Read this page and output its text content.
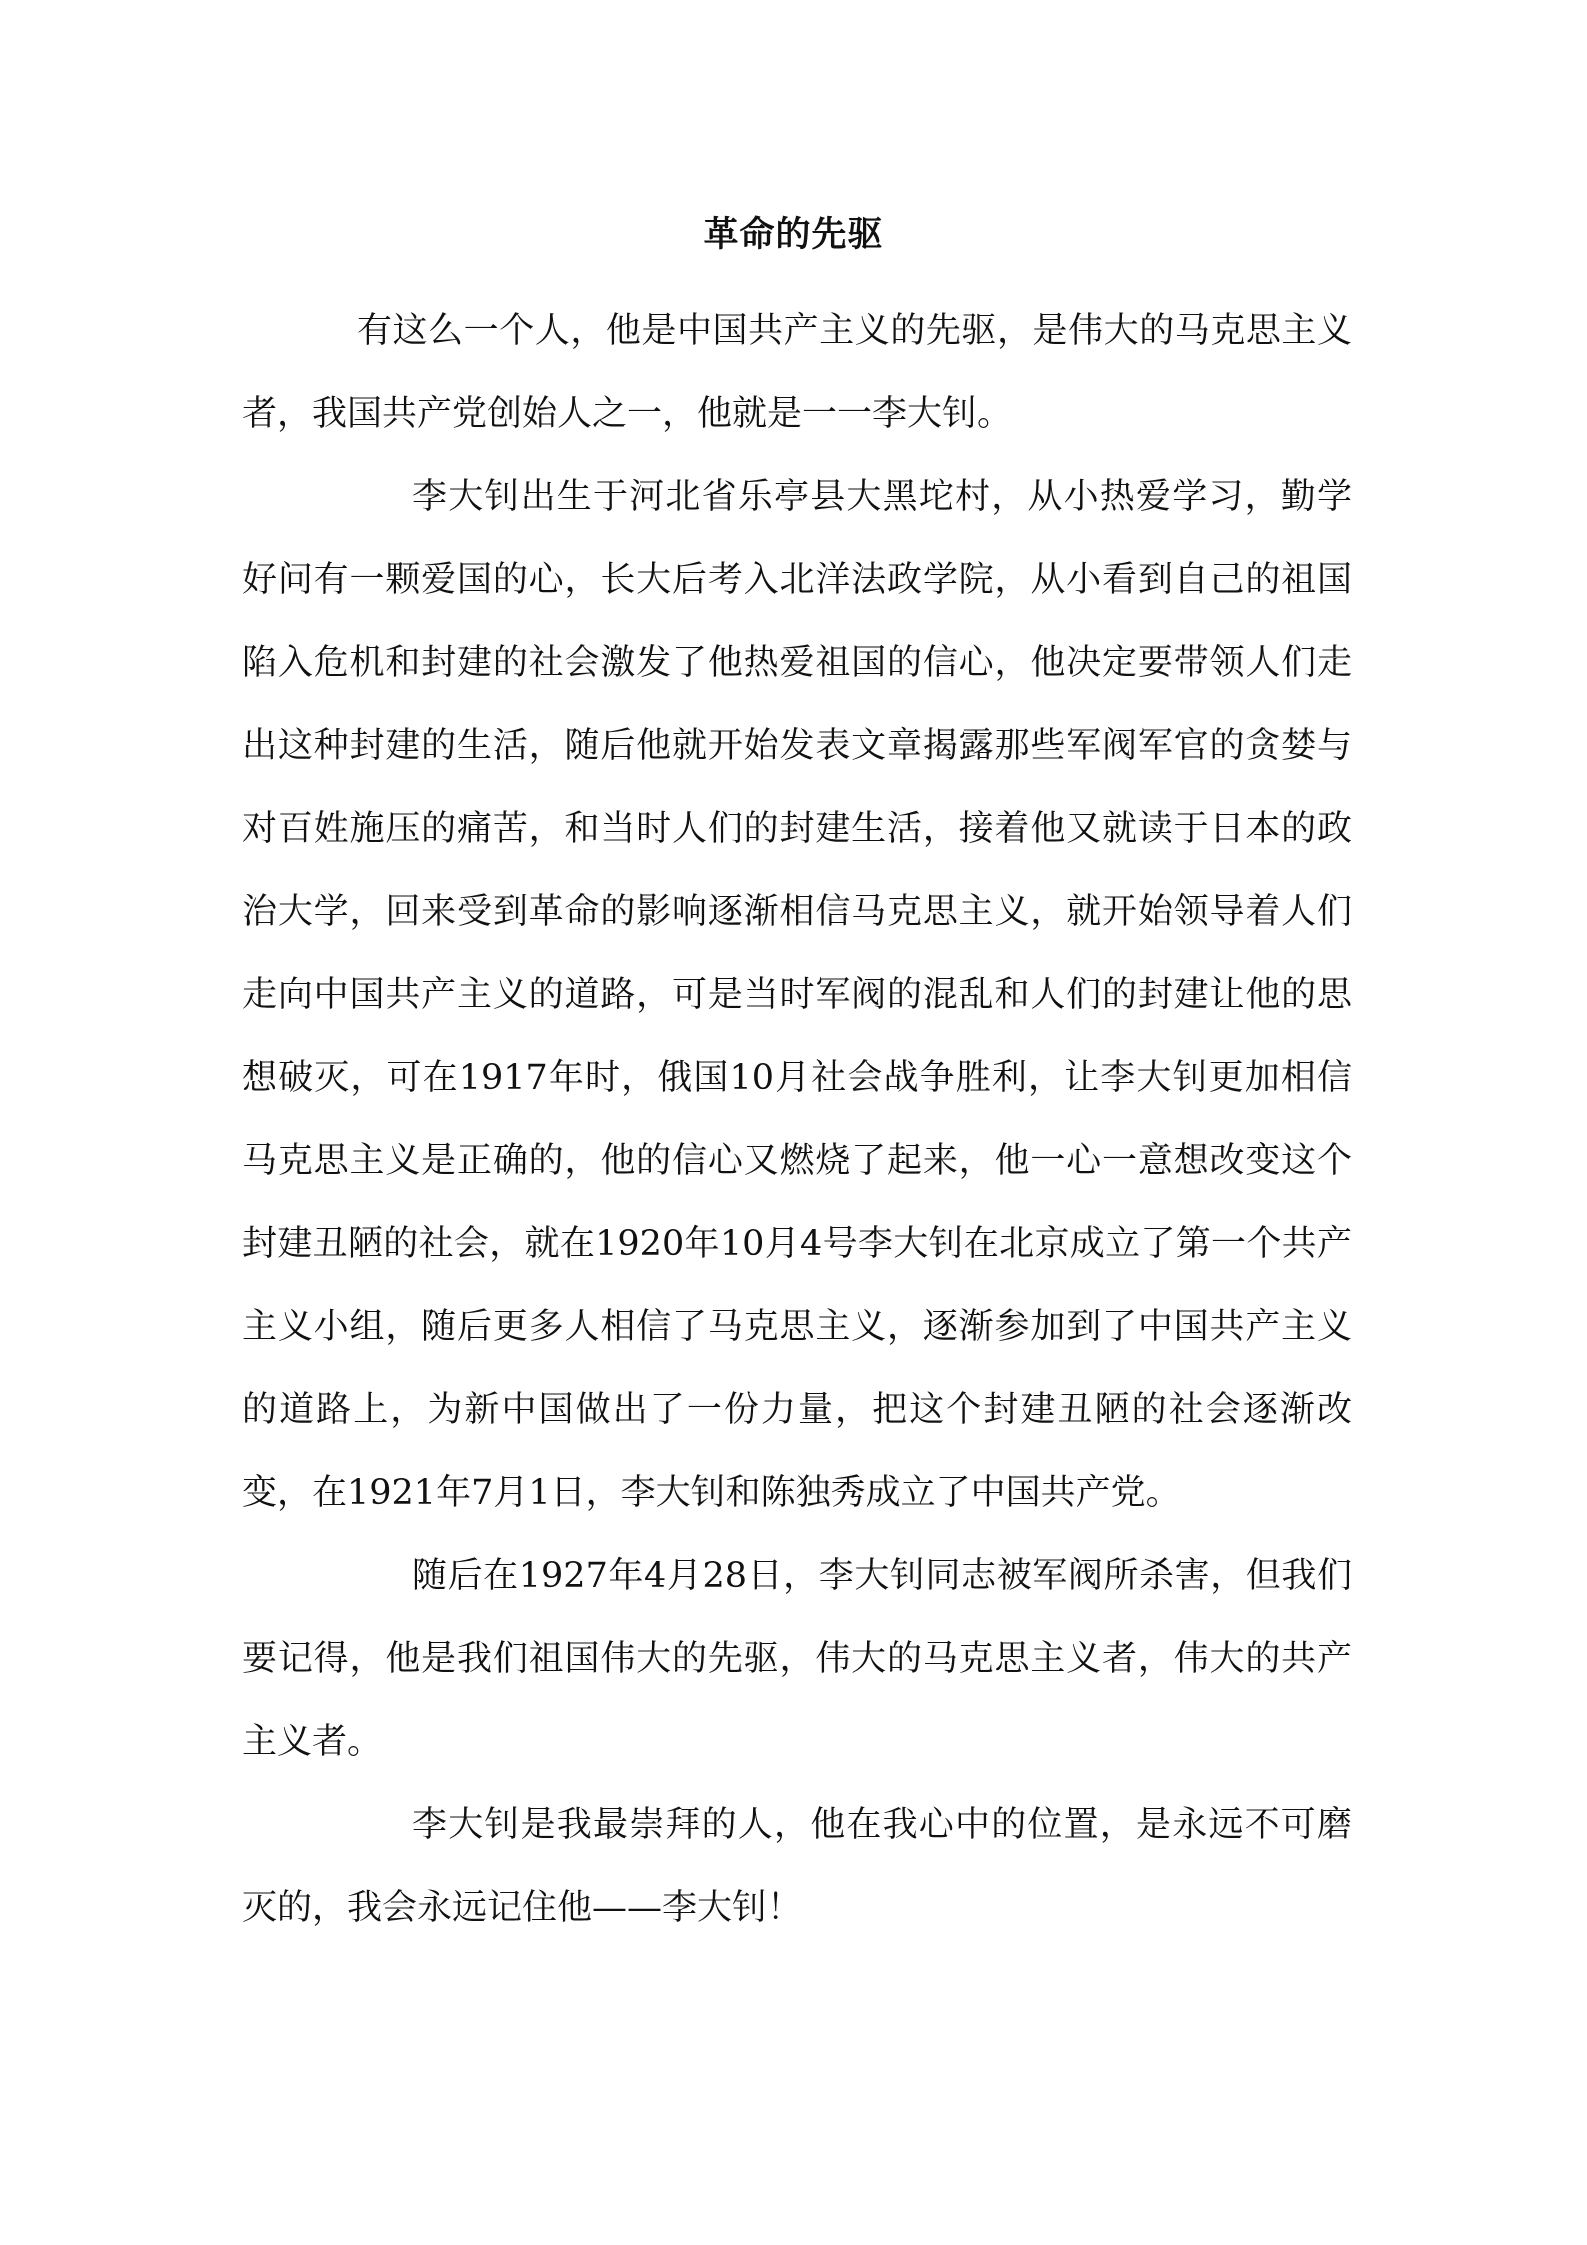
革命的先驱

有这么一个人，他是中国共产主义的先驱，是伟大的马克思主义者，我国共产党创始人之一，他就是一一李大钊。

李大钊出生于河北省乐亭县大黑坨村，从小热爱学习，勤学好问有一颗爱国的心，长大后考入北洋法政学院，从小看到自己的祖国陷入危机和封建的社会激发了他热爱祖国的信心，他决定要带领人们走出这种封建的生活，随后他就开始发表文章揭露那些军阀军官的贪婪与对百姓施压的痛苦，和当时人们的封建生活，接着他又就读于日本的政治大学，回来受到革命的影响逐渐相信马克思主义，就开始领导着人们走向中国共产主义的道路，可是当时军阀的混乱和人们的封建让他的思想破灭，可在1917年时，俄国10月社会战争胜利，让李大钊更加相信马克思主义是正确的，他的信心又燃烧了起来，他一心一意想改变这个封建丑陋的社会，就在1920年10月4号李大钊在北京成立了第一个共产主义小组，随后更多人相信了马克思主义，逐渐参加到了中国共产主义的道路上，为新中国做出了一份力量，把这个封建丑陋的社会逐渐改变，在1921年7月1日，李大钊和陈独秀成立了中国共产党。

随后在1927年4月28日，李大钊同志被军阀所杀害，但我们要记得，他是我们祖国伟大的先驱，伟大的马克思主义者，伟大的共产主义者。

李大钊是我最崇拜的人，他在我心中的位置，是永远不可磨灭的，我会永远记住他——李大钊！
